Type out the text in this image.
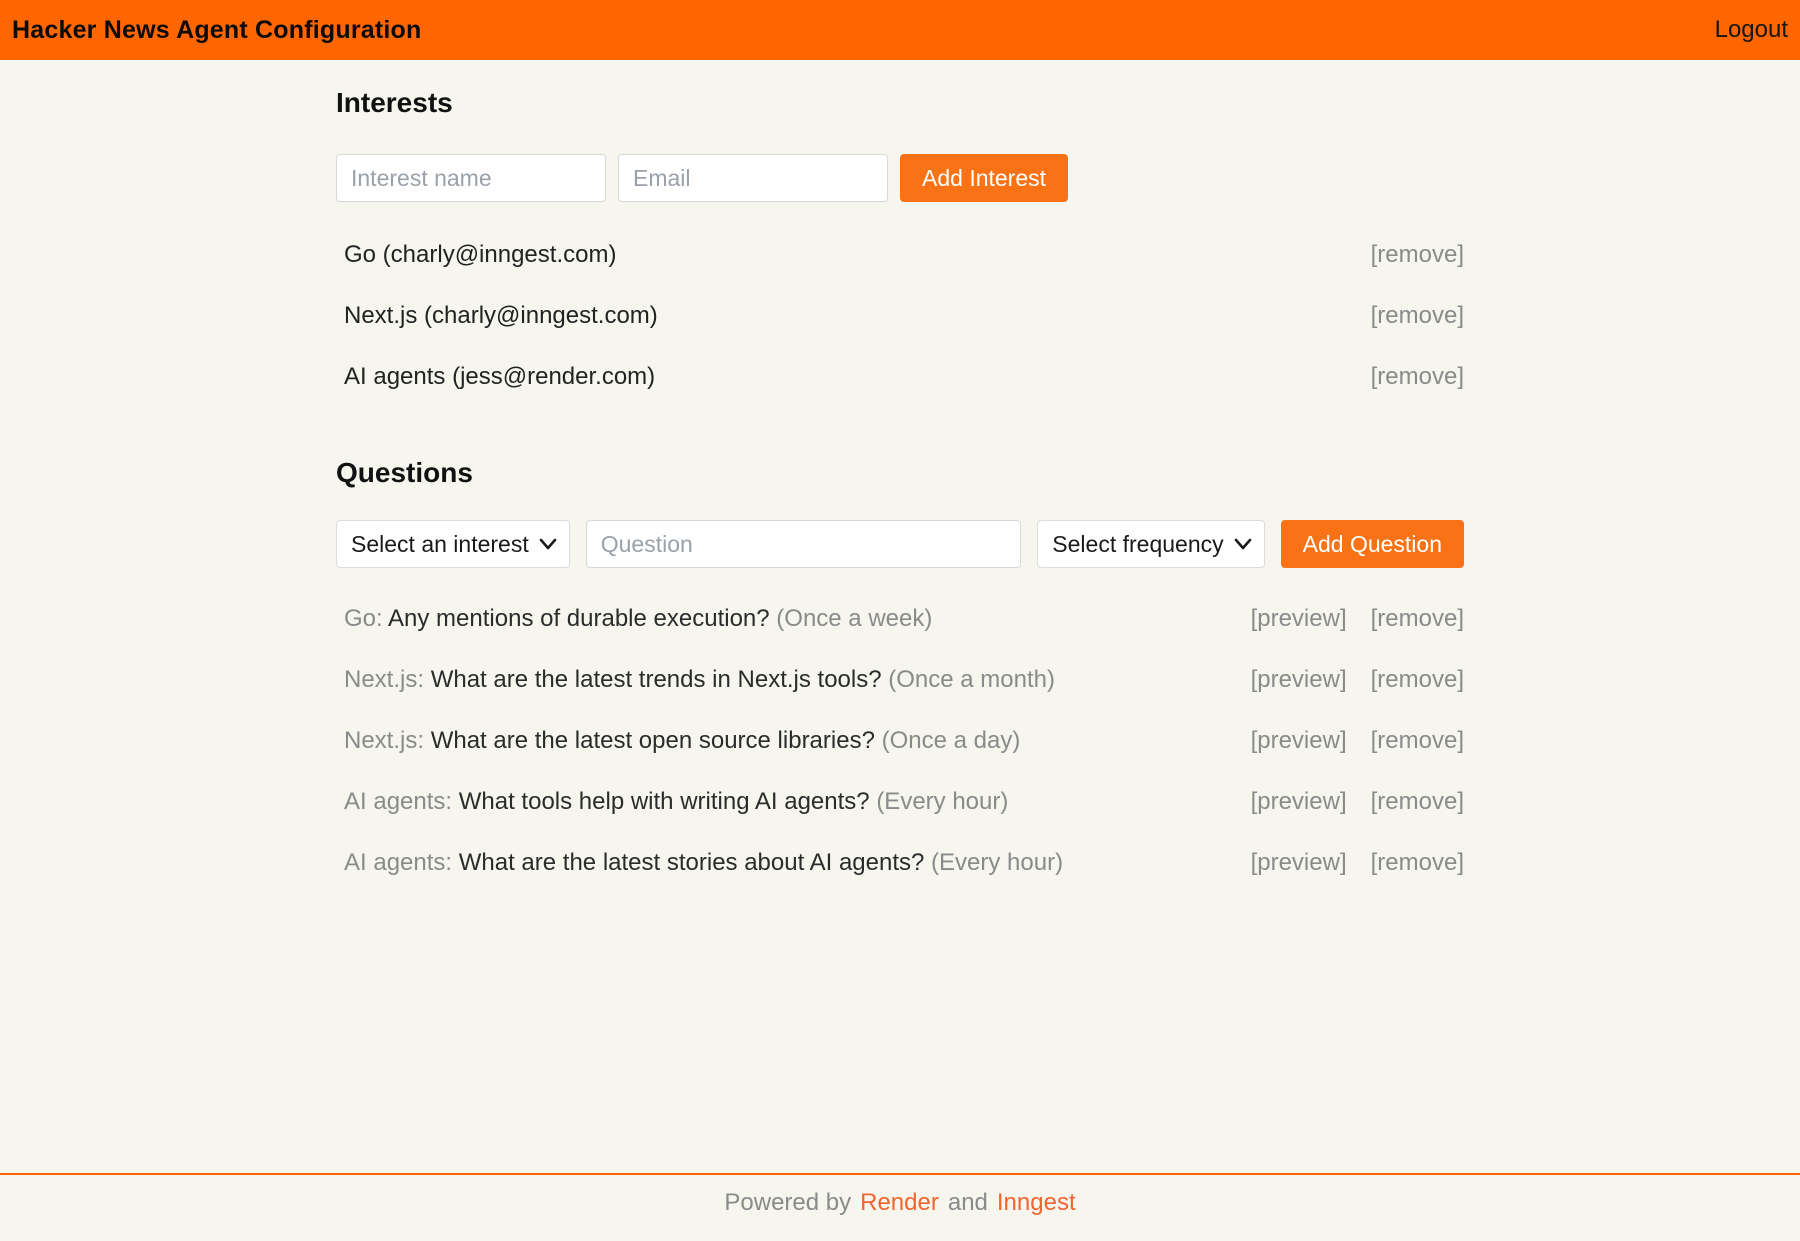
Hacker News Agent Configuration	Logout
Interests
Interest name
Email
Add Interest
Go (charly@inngest.com)	[remove]
Next.js (charly@inngest.com)	[remove]
AI agents (jess@render.com)	[remove]
Questions
Select an interest
Question	Select frequency	Add Question
Go: Any mentions of durable execution? (Once a week)	[preview] [remove]
Next.js: What are the latest trends in Next.js tools? (Once a month)	[preview] [remove]
Next.js: What are the latest open source libraries? (Once a day)	[preview] [remove]
AI agents: What tools help with writing AI agents? (Every hour)	[preview] [remove]
AI agents: What are the latest stories about AI agents? (Every hour)	[preview] [remove]
Powered by Render and Inngest
